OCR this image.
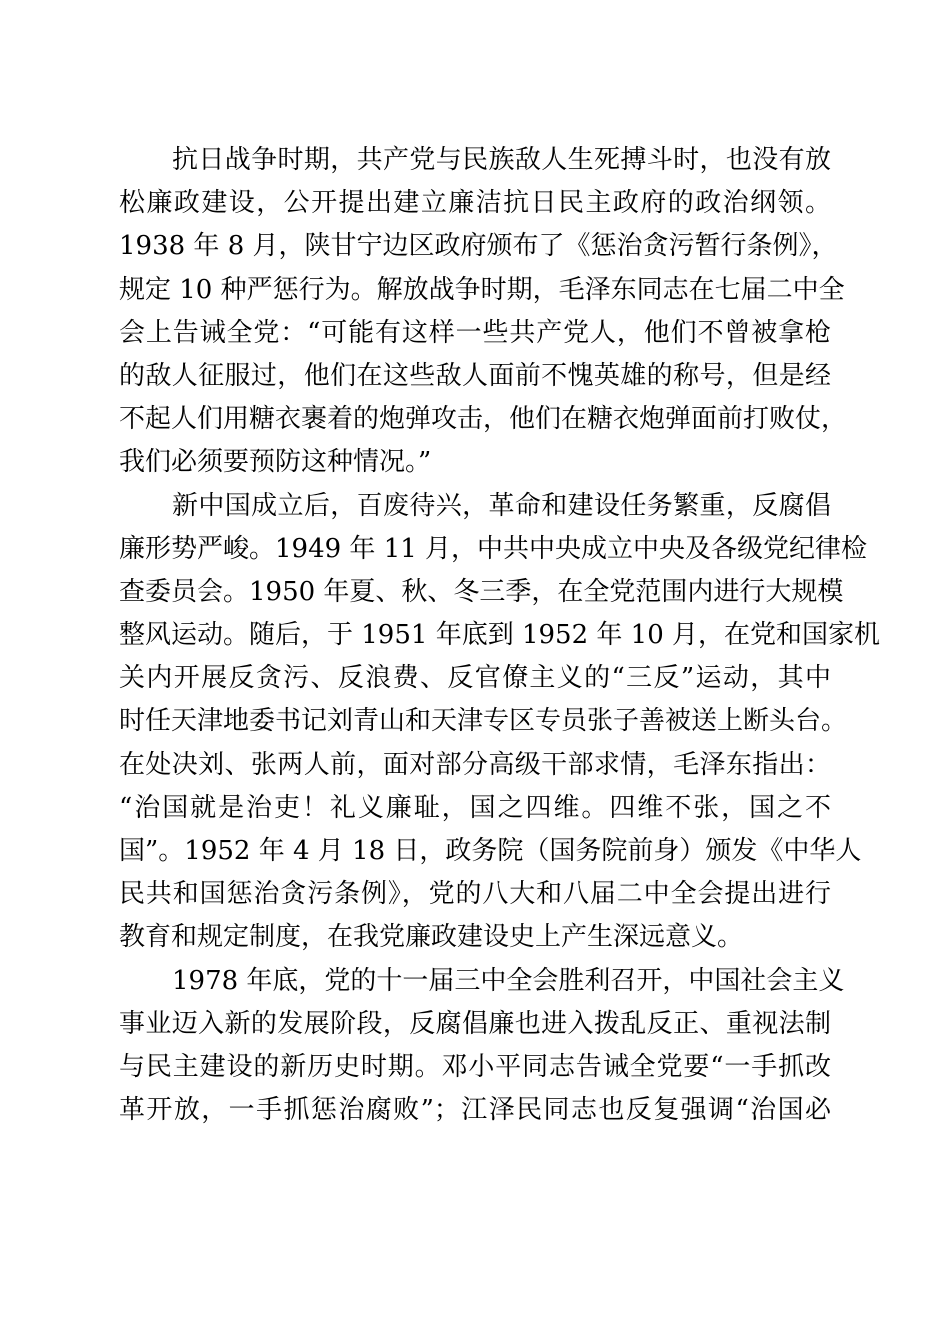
抗日战争时期，共产党与民族敌人生死搏斗时，也没有放
松廉政建设，公开提出建立廉洁抗日民主政府的政治纲领。
1938 年 8 月，陕甘宁边区政府颁布了《惩治贪污暂行条例》，
规定 10 种严惩行为。解放战争时期，毛泽东同志在七届二中全
会上告诫全党：“可能有这样一些共产党人，他们不曾被拿枪
的敌人征服过，他们在这些敌人面前不愧英雄的称号，但是经
不起人们用糖衣裹着的炮弹攻击，他们在糖衣炮弹面前打败仗，
我们必须要预防这种情况。”
新中国成立后，百废待兴，革命和建设任务繁重，反腐倡
廉形势严峻。1949 年 11 月，中共中央成立中央及各级党纪律检
查委员会。1950 年夏、秋、冬三季，在全党范围内进行大规模
整风运动。随后，于 1951 年底到 1952 年 10 月，在党和国家机
关内开展反贪污、反浪费、反官僚主义的“三反”运动，其中
时任天津地委书记刘青山和天津专区专员张子善被送上断头台。
在处决刘、张两人前，面对部分高级干部求情，毛泽东指出：
“治国就是治吏！礼义廉耻，国之四维。四维不张，国之不
国”。1952 年 4 月 18 日，政务院（国务院前身）颁发《中华人
民共和国惩治贪污条例》，党的八大和八届二中全会提出进行
教育和规定制度，在我党廉政建设史上产生深远意义。
1978 年底，党的十一届三中全会胜利召开，中国社会主义
事业迈入新的发展阶段，反腐倡廉也进入拨乱反正、重视法制
与民主建设的新历史时期。邓小平同志告诫全党要“一手抓改
革开放，一手抓惩治腐败”；江泽民同志也反复强调“治国必
